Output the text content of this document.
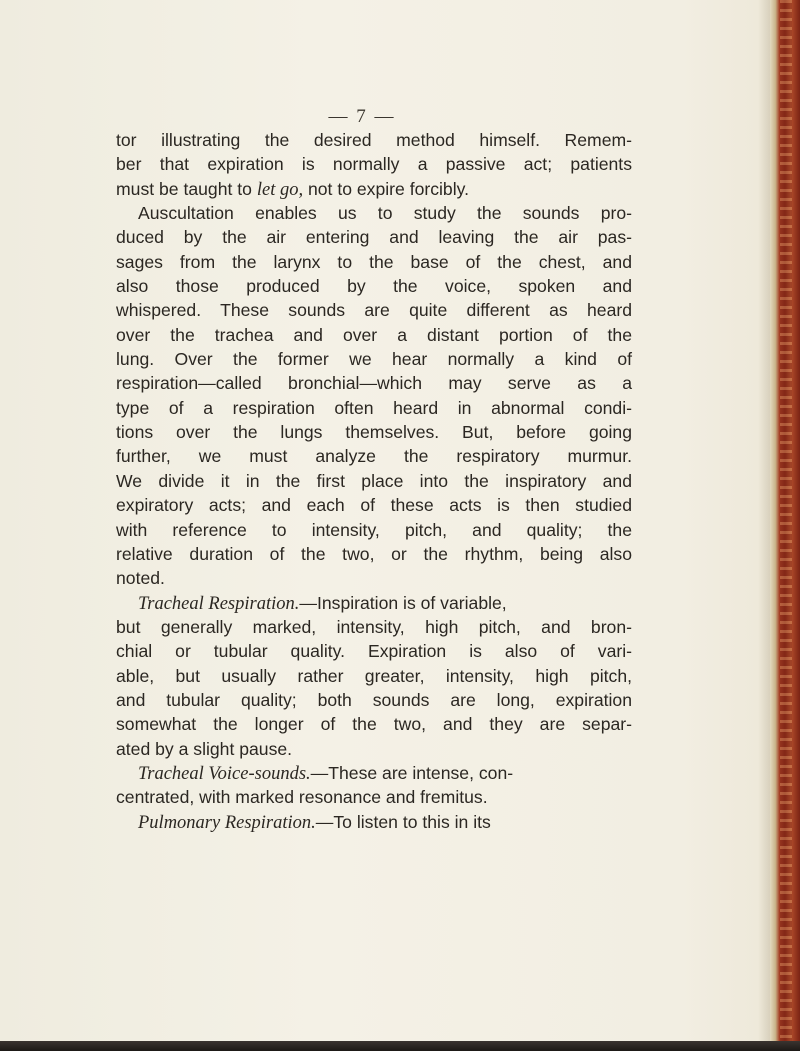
— 7 —
tor illustrating the desired method himself. Remem-
ber that expiration is normally a passive act; patients
must be taught to let go, not to expire forcibly.
Auscultation enables us to study the sounds pro-
duced by the air entering and leaving the air pas-
sages from the larynx to the base of the chest, and
also those produced by the voice, spoken and
whispered. These sounds are quite different as heard
over the trachea and over a distant portion of the
lung. Over the former we hear normally a kind of
respiration—called bronchial—which may serve as a
type of a respiration often heard in abnormal condi-
tions over the lungs themselves. But, before going
further, we must analyze the respiratory murmur.
We divide it in the first place into the inspiratory and
expiratory acts; and each of these acts is then studied
with reference to intensity, pitch, and quality; the
relative duration of the two, or the rhythm, being also
noted.
Tracheal Respiration.—Inspiration is of variable,
but generally marked, intensity, high pitch, and bron-
chial or tubular quality. Expiration is also of vari-
able, but usually rather greater, intensity, high pitch,
and tubular quality; both sounds are long, expiration
somewhat the longer of the two, and they are separ-
ated by a slight pause.
Tracheal Voice-sounds.—These are intense, con-
centrated, with marked resonance and fremitus.
Pulmonary Respiration.—To listen to this in its
